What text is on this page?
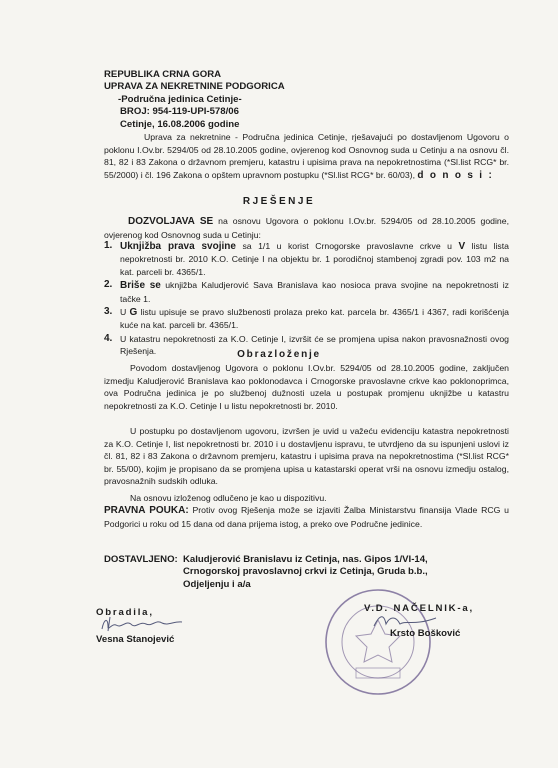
REPUBLIKA CRNA GORA
UPRAVA ZA NEKRETNINE PODGORICA
-Područna jedinica Cetinje-
BROJ: 954-119-UPI-578/06
Cetinje, 16.08.2006 godine
Uprava za nekretnine - Područna jedinica Cetinje, rješavajući po dostavljenom Ugovoru o poklonu I.Ov.br. 5294/05 od 28.10.2005 godine, ovjerenog kod Osnovnog suda u Cetinju a na osnovu čl. 81, 82 i 83 Zakona o državnom premjeru, katastru i upisima prava na nepokretnostima (*Sl.list RCG* br. 55/2000) i čl. 196 Zakona o opštem upravnom postupku (*Sl.list RCG* br. 60/03), d o n o s i :
RJEŠENJE
DOZVOLJAVA SE na osnovu Ugovora o poklonu I.Ov.br. 5294/05 od 28.10.2005 godine, ovjerenog kod Osnovnog suda u Cetinju:
1. Uknjižba prava svojine sa 1/1 u korist Crnogorske pravoslavne crkve u V listu lista nepokretnosti br. 2010 K.O. Cetinje I na objektu br. 1 porodičnoj stambenoj zgradi pov. 103 m2 na kat. parceli br. 4365/1.
2. Briše se uknjižba Kaludjerović Sava Branislava kao nosioca prava svojine na nepokretnosti iz tačke 1.
3. U G listu upisuje se pravo službenosti prolaza preko kat. parcela br. 4365/1 i 4367, radi korišćenja kuće na kat. parceli br. 4365/1.
4. U katastru nepokretnosti za K.O. Cetinje I, izvršit će se promjena upisa nakon pravosnažnosti ovog Rješenja.	Obrazloženje
Povodom dostavljenog Ugovora o poklonu I.Ov.br. 5294/05 od 28.10.2005 godine, zaključen izmedju Kaludjerović Branislava kao poklonodavca i Crnogorske pravoslavne crkve kao poklonoprimca, ova Područna jedinica je po službenoj dužnosti uzela u postupak promjenu uknjižbe u katastru nepokretnosti za K.O. Cetinje I u listu nepokretnosti br. 2010.
U postupku po dostavljenom ugovoru, izvršen je uvid u važeću evidenciju katastra nepokretnosti za K.O. Cetinje I, list nepokretnosti br. 2010 i u dostavljenu ispravu, te utvrdjeno da su ispunjeni uslovi iz čl. 81, 82 i 83 Zakona o državnom premjeru, katastru i upisima prava na nepokretnostima (*Sl.list RCG* br. 55/00), kojim je propisano da se promjena upisa u katastarski operat vrši na osnovu izmedju ostalog, pravosnažnih sudskih odluka.
Na osnovu izloženog odlučeno je kao u dispozitivu.
PRAVNA POUKA: Protiv ovog Rješenja može se izjaviti Žalba Ministarstvu finansija Vlade RCG u Podgorici u roku od 15 dana od dana prijema istog, a preko ove Područne jedinice.
DOSTAVLJENO: Kaludjerović Branislavu iz Cetinja, nas. Gipos 1/VI-14,
Crnogorskoj pravoslavnoj crkvi iz Cetinja, Gruda b.b.,
Odjeljenju i a/a
Obradila,
Vesna Stanojević
V.D. NAČELNIK-a,
Krsto Bošković
